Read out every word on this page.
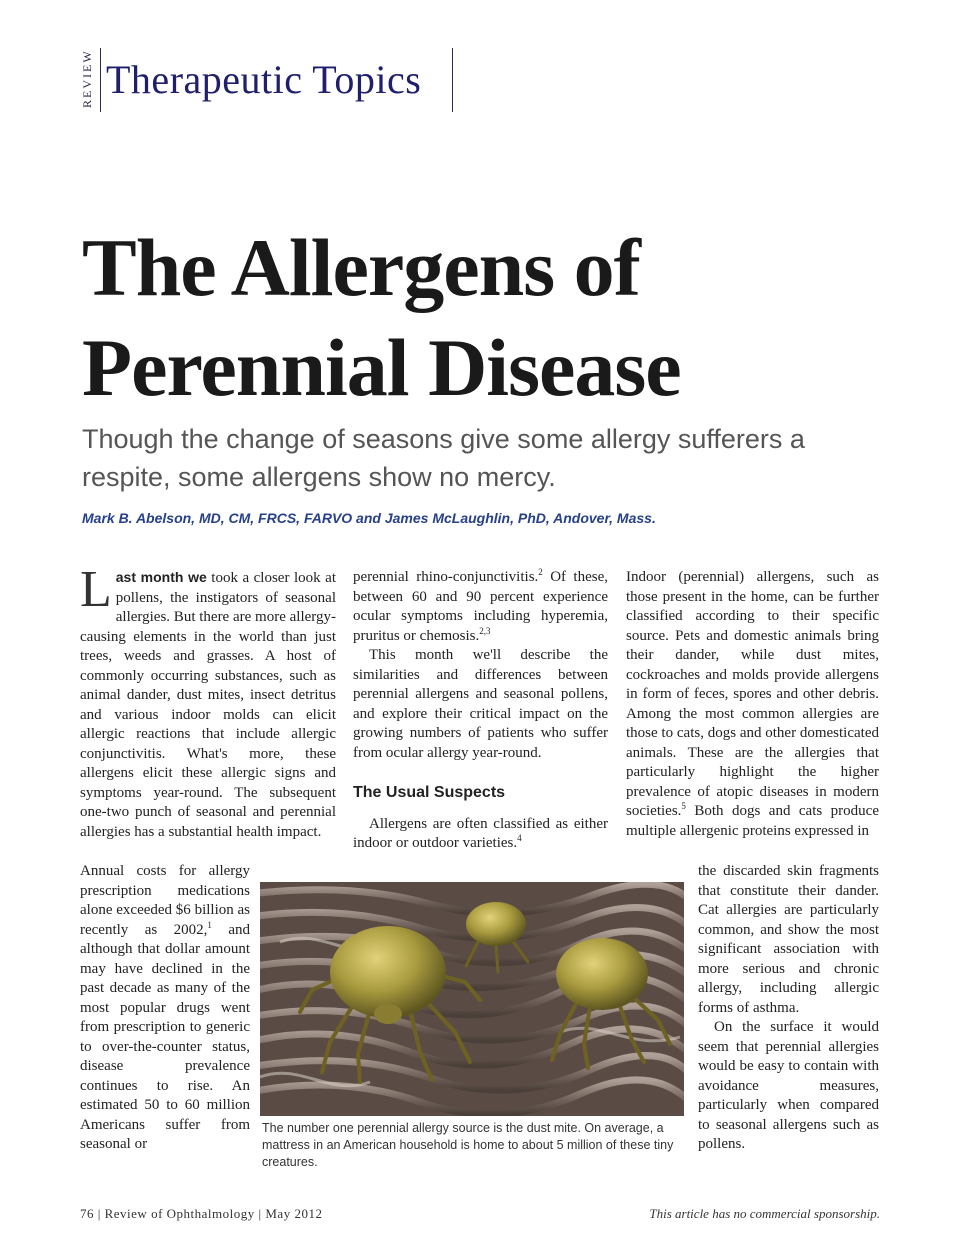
REVIEW Therapeutic Topics
The Allergens of
Perennial Disease
Though the change of seasons give some allergy sufferers a respite, some allergens show no mercy.
Mark B. Abelson, MD, CM, FRCS, FARVO and James McLaughlin, PhD, Andover, Mass.

Last month we took a closer look at pollens, the instigators of seasonal allergies. But there are more allergy-causing elements in the world than just trees, weeds and grasses. A host of commonly occurring substances, such as animal dander, dust mites, insect detritus and various indoor molds can elicit allergic reactions that include allergic conjunctivitis. What's more, these allergens elicit these allergic signs and symptoms year-round. The subsequent one-two punch of seasonal and perennial allergies has a substantial health impact.

Annual costs for allergy prescription medications alone exceeded $6 billion as recently as 2002,$^1$ and although that dollar amount may have declined in the past decade as many of the most popular drugs went from prescription to generic to over-the-counter status, disease prevalence continues to rise. An estimated 50 to 60 million Americans suffer from seasonal or

perennial rhino-conjunctivitis.$^2$ Of these, between 60 and 90 percent experience ocular symptoms including hyperemia, pruritus or chemosis.$^{2,3}$

This month we'll describe the similarities and differences between perennial allergens and seasonal pollens, and explore their critical impact on the growing numbers of patients who suffer from ocular allergy year-round.

The Usual Suspects

Allergens are often classified as either indoor or outdoor varieties.$^4$

Indoor (perennial) allergens, such as those present in the home, can be further classified according to their specific source. Pets and domestic animals bring their dander, while dust mites, cockroaches and molds provide allergens in form of feces, spores and other debris. Among the most common allergies are those to cats, dogs and other domesticated animals. These are the allergies that particularly highlight the higher prevalence of atopic diseases in modern societies.$^5$ Both dogs and cats produce multiple allergenic proteins expressed in

the discarded skin fragments that constitute their dander. Cat allergies are particularly common, and show the most significant association with more serious and chronic allergy, including allergic forms of asthma.

On the surface it would seem that perennial allergies would be easy to contain with avoidance measures, particularly when compared to seasonal allergens such as pollens.

The number one perennial allergy source is the dust mite. On average, a mattress in an American household is home to about 5 million of these tiny creatures.
76 | Review of Ophthalmology | May 2012	This article has no commercial sponsorship.
